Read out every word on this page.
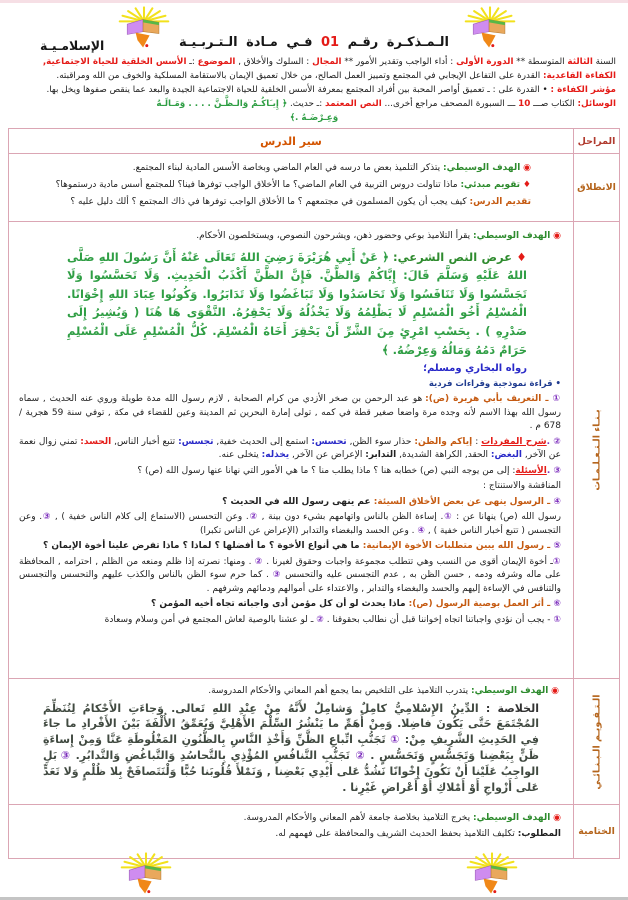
الـمـذكـرة رقـم 01 فـي مـادة الـتـربـيـة
الإسلامـيـة

السنة الثالثة المتوسطة ** الدورة الأولى : أداء الواجب وتقدير الأمور ** المجال : السلوك والأخلاق , الموضوع :ـ الأسس الخلقية للحياة الاجتماعية,

الكفاءة القاعدية: القدرة على التفاعل الإيجابي في المجتمع وتمييز العمل الصالح، من خلال تعميق الإيمان بالاستقامة المسلكية والخوف من الله ومراقبته.

مؤشر الكفاءة : • القدرة على : ـ تعميق أواصر المحبة بين أفراد المجتمع بمعرفة الأسس الخلقية للحياة الاجتماعية الجيدة والبعد عما ينقص صفوها ويخل بها.

الوسائل: الكتاب صـــ 10 ـــ السبورة المصحف مراجع أخرى... النص المعتمد :ـ حديث. ﴿ إِيـَاكُـمْ وَالـظَّـنَّ . . . . وَمَـالَـهُ

وَعِـرْضَـهُ .﴾

المراحل
سير الدرس
الانطلاق

◉ الهدف الوسيطي: يتذكر التلميذ بعض ما درسه في العام الماضي وبخاصة الأسس المادية لبناء المجتمع.

♦ تقويم مبدئي: ماذا تناولت دروس التربية في العام الماضي؟ ما الأخلاق الواجب توفرها فينا؟ للمجتمع أسس مادية درستموها؟

تقديم الدرس: كيف يجب أن يكون المسلمون في مجتمعهم ؟ ما الأخلاق الواجب توفرها في ذاك المجتمع ؟ ألك دليل عليه ؟

بـنـاء الـتـعـلـمـات

◉ الهدف الوسيطي: يقرأ التلاميذ بوعي وحضور ذهن، ويشرحون النصوص، ويستخلصون الأحكام.

♦ عرض النص الشرعي: ﴿ عَنْ أَبِي هُرَيْرَةَ رَضِيَ اللهُ تَعَالَى عَنْهُ أَنَّ رَسُولَ اللهِ صَلَّى اللهُ عَلَيْهِ وَسَلَّمَ قَالَ: إِيَّاكُمْ وَالظَّنَّ. فَإِنَّ الظَّنَّ أَكْذَبُ الْحَدِيثِ. وَلَا تَحَسَّسُوا وَلَا تَجَسَّسُوا وَلَا تَنَافَسُوا وَلَا تَحَاسَدُوا وَلَا تَبَاغَضُوا وَلَا تَدَابَرُوا. وَكُونُوا عِبَادَ اللهِ إِخْوَانًا. الْمُسْلِمُ أَخُو الْمُسْلِمِ لَا يَظْلِمُهُ وَلَا يَخْذُلُهُ وَلَا يَحْقِرُهُ. التَّقْوَى هَا هُنَا ( وَيُشِيرُ إِلَى صَدْرِهِ ) . بِحَسْبِ امْرِئٍ مِنَ الشَّرِّ أَنْ يَحْقِرَ أَخَاهُ الْمُسْلِمَ. كُلُّ الْمُسْلِمِ عَلَى الْمُسْلِمِ حَرَامٌ دَمُهُ وَمَالُهُ وَعِرْضُهُ. ﴾

رواه البخاري ومسلم؛

• قراءة نموذجية وقراءات فردية

① ـ التعريف بأبي هريرة (ض): هو عبد الرحمن بن صخر الأزدي من كرام الصحابة , لازم رسول الله مدة طويلة وروي عنه الحديث , سماه رسول الله بهذا الاسم لأنه وجده مرة واضعا صغير قطة في كمه , تولى إمارة البحرين ثم المدينة وعين للقضاء في مكة , توفي سنة 59 هجرية / 678 م .

② .شرح المفردات : إياكم والظن: حذار سوء الظن, تحسس: استمع إلى الحديث خفية, تجسس: تتبع أخبار الناس, الحسد: تمني زوال نعمة عن الآخر, البغض: الحقد, الكراهة الشديدة, التدابر: الإعراض عن الآخر, يخذله: يتخلى عنه.

③ .الأسئلة: إلى من يوجه النبي (ص) خطابه هنا ؟ ماذا يطلب منا ؟ ما هي الأمور التي نهانا عنها رسول الله (ص) ؟

المناقشة والاستنتاج :

④ ـ الرسول ينهى عن بعض الأخلاق السيئة: عم ينهى رسول الله في الحديث ؟

رسول الله (ص) ينهانا عن : ①. إساءة الظن بالناس واتهامهم بشيء دون بينة , ②. وعن التحسس (الاستماع إلى كلام الناس خفية ) , ③. وعن التجسس ( تتبع أخبار الناس خفية ) , ④ . وعن الحسد والبغضاء والتدابر (الإعراض عن الناس تكبرا)

⑤ ـ رسول الله يبين متطلبات الأخوة الإيمانية: ما هي أنواع الأخوة ؟ ما أفضلها ؟ لماذا ؟ ماذا تفرض علينا أخوة الإيمان ؟

①ـ أخوة الإيمان أقوى من النسب وهي تتطلب مجموعة واجبات وحقوق لغيرنا . ② . ومنها: نصرته إذا ظلم ومنعه من الظلم , احترامه , المحافظة على ماله وشرفه ودمه , حسن الظن به , عدم التجسس عليه والتحسس ③ . كما حرم سوء الظن بالناس والكذب عليهم والتحسس والتجسس والتنافس في الإساءة إليهم والحسد والبغضاء والتدابر , والاعتداء على أموالهم ودمائهم وشرفهم .

⑥ ـ أثر العمل بوصية الرسول (ص): ماذا يحدث لو أن كل مؤمن أدى واجباته تجاه أخيه المؤمن ؟

① - يجب أن نؤدي واجباتنا اتجاه إخواننا قبل أن نطالب بحقوقنا . ② ـ لو عشنا بالوصية لعاش المجتمع في أمن وسلام وسعادة

الـتـقـويـم الـبـنـائـي

◉ الهدف الوسيطي: يتدرب التلاميذ على التلخيص بما يجمع أهم المعاني والأحكام المدروسة.

الخلاصة : الدِّينُ الإِسْلامِيُّ كامِلٌ وَشامِلٌ لأَنَّهُ مِنْ عِنْدِ اللهِ تَعالى. وَجاءَتِ الأَحْكامُ لِتُنَظِّمَ المُجْتَمَعَ حَتَّى يَكُونَ فاضِلا. وَمِنْ أَهَمِّ ما يَنْشُرُ السِّلْمَ الأَهْلِيَّ وَيُعَمِّقُ الأُلْفَةَ بَيْنَ الأَفْرادِ ما جاءَ فِي الحَدِيثِ الشَّرِيفِ مِنْ: ① تَجَنُّبِ اتِّباعِ الظَّنِّ وَأَخْذِ النَّاسِ بِالظُّنُونِ المَغْلُوطَةِ عَنَّا وَمِنْ إِساءَةِ ظَنٍّ بِبَعْضِنا وَتَجَسُّسٍ وَتَحَسُّسٍ . ② تَجَنُّبِ التَّنافُسِ المُؤْذِي بِالتَّحاسُدِ وَالتَّباغُضِ وَالتَّدابُرِ. ③ بَلِ الواجِبُ عَلَيْنا أَنْ نَكُونَ إِخْوانًا نَشُدُّ عَلى أَيْدِي بَعْضِنا , وَنَمْلأَ قُلُوبَنا حُبًّا وَلْنَتَصافَحْ بِلا ظُلْمٍ وَلا تَعَدٍّ عَلى أَزْواجِ أَوْ أَمْلاكِ أَوْ أَعْراضِ غَيْرِنا .

الختامية

◉ الهدف الوسيطي: يخرج التلاميذ بخلاصة جامعة لأهم المعاني والأحكام المدروسة.

المطلوب: تكليف التلاميذ بحفظ الحديث الشريف والمحافظة على فهمهم له.
